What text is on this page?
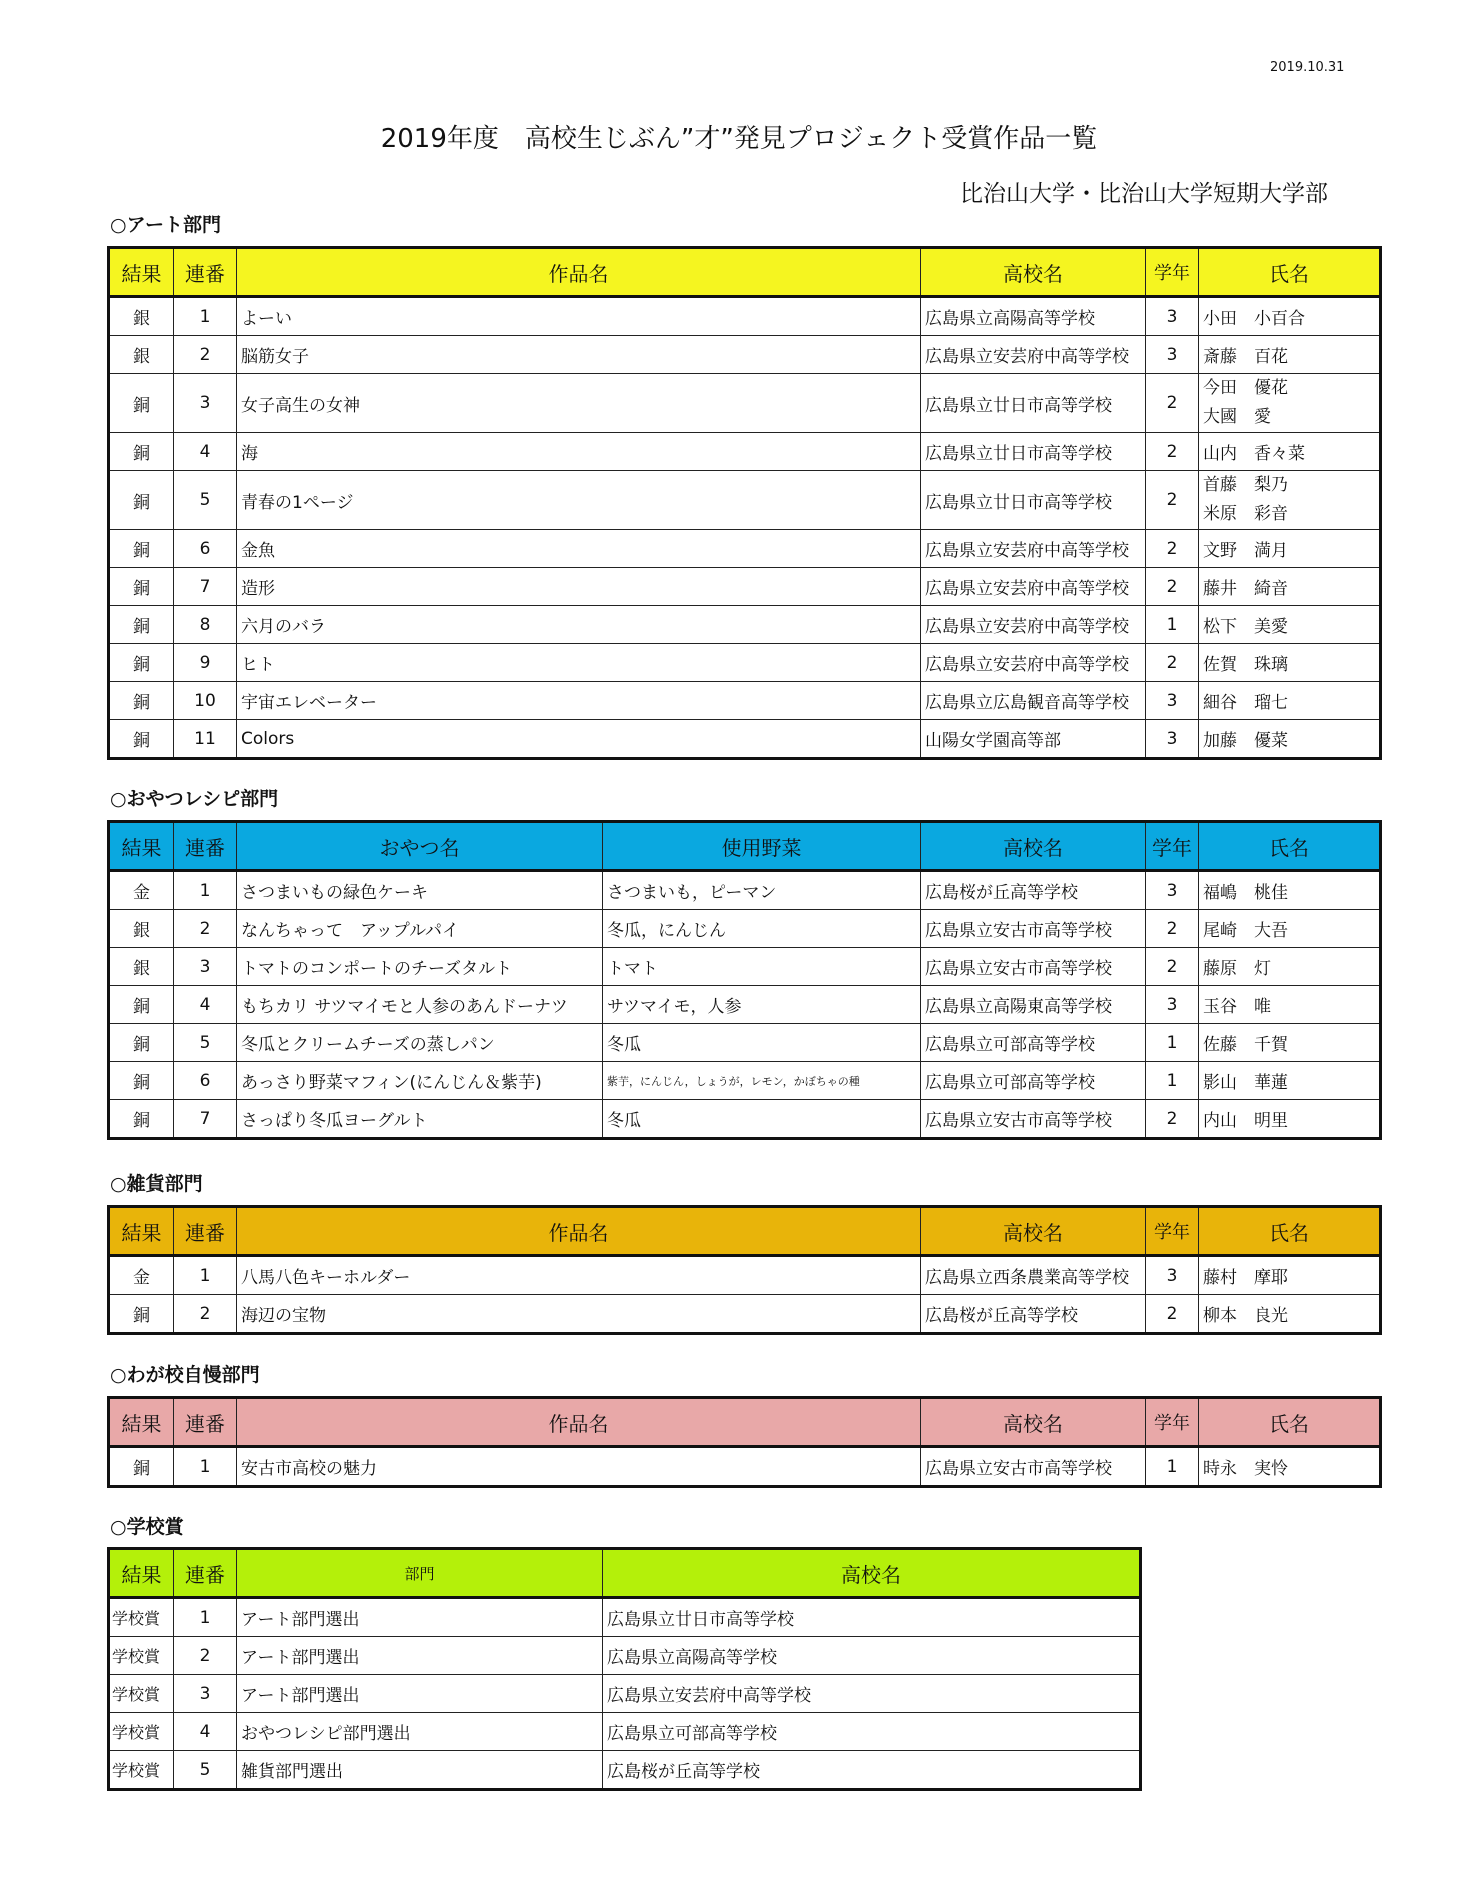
2019.10.31
2019年度　高校生じぶん”才”発見プロジェクト受賞作品一覧
比治山大学・比治山大学短期大学部
○アート部門
結果	連番	作品名	高校名	学年	氏名
銀	1	よーい	広島県立高陽高等学校	3	小田　小百合
銀	2	脳筋女子	広島県立安芸府中高等学校	3	斎藤　百花
銅	3	女子高生の女神	広島県立廿日市高等学校	2	今田　優花
大國　愛

銅	4	海	広島県立廿日市高等学校	2	山内　香々菜
銅	5	青春の1ページ	広島県立廿日市高等学校	2	首藤　梨乃
米原　彩音

銅	6	金魚	広島県立安芸府中高等学校	2	文野　満月
銅	7	造形	広島県立安芸府中高等学校	2	藤井　綺音
銅	8	六月のバラ	広島県立安芸府中高等学校	1	松下　美愛
銅	9	ヒト	広島県立安芸府中高等学校	2	佐賀　珠璃
銅	10	宇宙エレベーター	広島県立広島観音高等学校	3	細谷　瑠七
銅	11	Colors	山陽女学園高等部	3	加藤　優菜
○おやつレシピ部門
結果	連番	おやつ名	使用野菜	高校名	学年	氏名
金	1	さつまいもの緑色ケーキ	さつまいも，ピーマン	広島桜が丘高等学校	3	福嶋　桃佳
銀	2	なんちゃって　アップルパイ	冬瓜，にんじん	広島県立安古市高等学校	2	尾崎　大吾
銀	3	トマトのコンポートのチーズタルト	トマト	広島県立安古市高等学校	2	藤原　灯
銅	4	もちカリ サツマイモと人参のあんドーナツ	サツマイモ，人参	広島県立高陽東高等学校	3	玉谷　唯
銅	5	冬瓜とクリームチーズの蒸しパン	冬瓜	広島県立可部高等学校	1	佐藤　千賀
銅	6	あっさり野菜マフィン(にんじん＆紫芋)	紫芋，にんじん，しょうが，レモン，かぼちゃの種	広島県立可部高等学校	1	影山　華蓮
銅	7	さっぱり冬瓜ヨーグルト	冬瓜	広島県立安古市高等学校	2	内山　明里
○雑貨部門
結果	連番	作品名	高校名	学年	氏名
金	1	八馬八色キーホルダー	広島県立西条農業高等学校	3	藤村　摩耶
銅	2	海辺の宝物	広島桜が丘高等学校	2	柳本　良光
○わが校自慢部門
結果	連番	作品名	高校名	学年	氏名
銅	1	安古市高校の魅力	広島県立安古市高等学校	1	時永　実怜
○学校賞
結果	連番	部門	高校名
学校賞	1	アート部門選出	広島県立廿日市高等学校
学校賞	2	アート部門選出	広島県立高陽高等学校
学校賞	3	アート部門選出	広島県立安芸府中高等学校
学校賞	4	おやつレシピ部門選出	広島県立可部高等学校
学校賞	5	雑貨部門選出	広島桜が丘高等学校
